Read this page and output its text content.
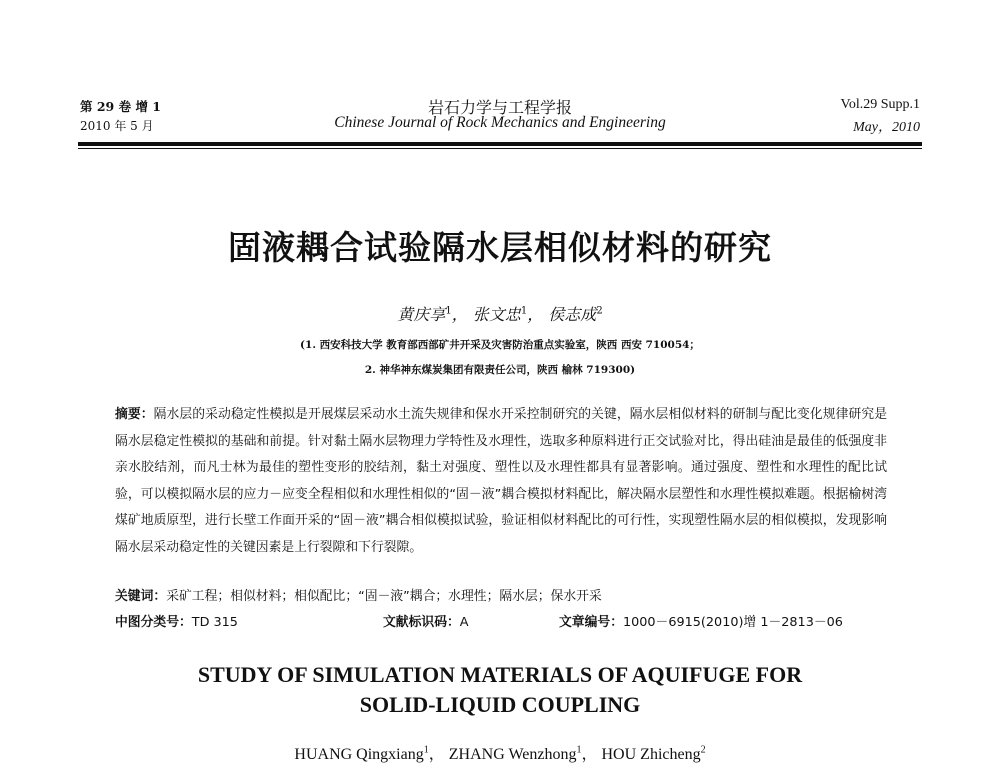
第 29 卷 增 1
2010 年 5 月
岩石力学与工程学报
Chinese Journal of Rock Mechanics and Engineering
Vol.29 Supp.1
May，2010
固液耦合试验隔水层相似材料的研究
黄庆享$^1$， 张文忠$^1$， 侯志成$^2$
(1. 西安科技大学 教育部西部矿井开采及灾害防治重点实验室，陕西 西安 710054；
2. 神华神东煤炭集团有限责任公司，陕西 榆林 719300)
摘要：隔水层的采动稳定性模拟是开展煤层采动水土流失规律和保水开采控制研究的关键，隔水层相似材料的研制与配比变化规律研究是隔水层稳定性模拟的基础和前提。针对黏土隔水层物理力学特性及水理性，选取多种原料进行正交试验对比，得出硅油是最佳的低强度非亲水胶结剂，而凡士林为最佳的塑性变形的胶结剂，黏土对强度、塑性以及水理性都具有显著影响。通过强度、塑性和水理性的配比试验，可以模拟隔水层的应力－应变全程相似和水理性相似的“固－液”耦合模拟材料配比，解决隔水层塑性和水理性模拟难题。根据榆树湾煤矿地质原型，进行长壁工作面开采的“固－液”耦合相似模拟试验，验证相似材料配比的可行性，实现塑性隔水层的相似模拟，发现影响隔水层采动稳定性的关键因素是上行裂隙和下行裂隙。
关键词：采矿工程；相似材料；相似配比；“固－液”耦合；水理性；隔水层；保水开采
中图分类号：TD 315	文献标识码：A	文章编号：1000－6915(2010)增 1－2813－06
STUDY OF SIMULATION MATERIALS OF AQUIFUGE FOR
SOLID-LIQUID COUPLING
HUANG Qingxiang$^1$， ZHANG Wenzhong$^1$， HOU Zhicheng$^2$
